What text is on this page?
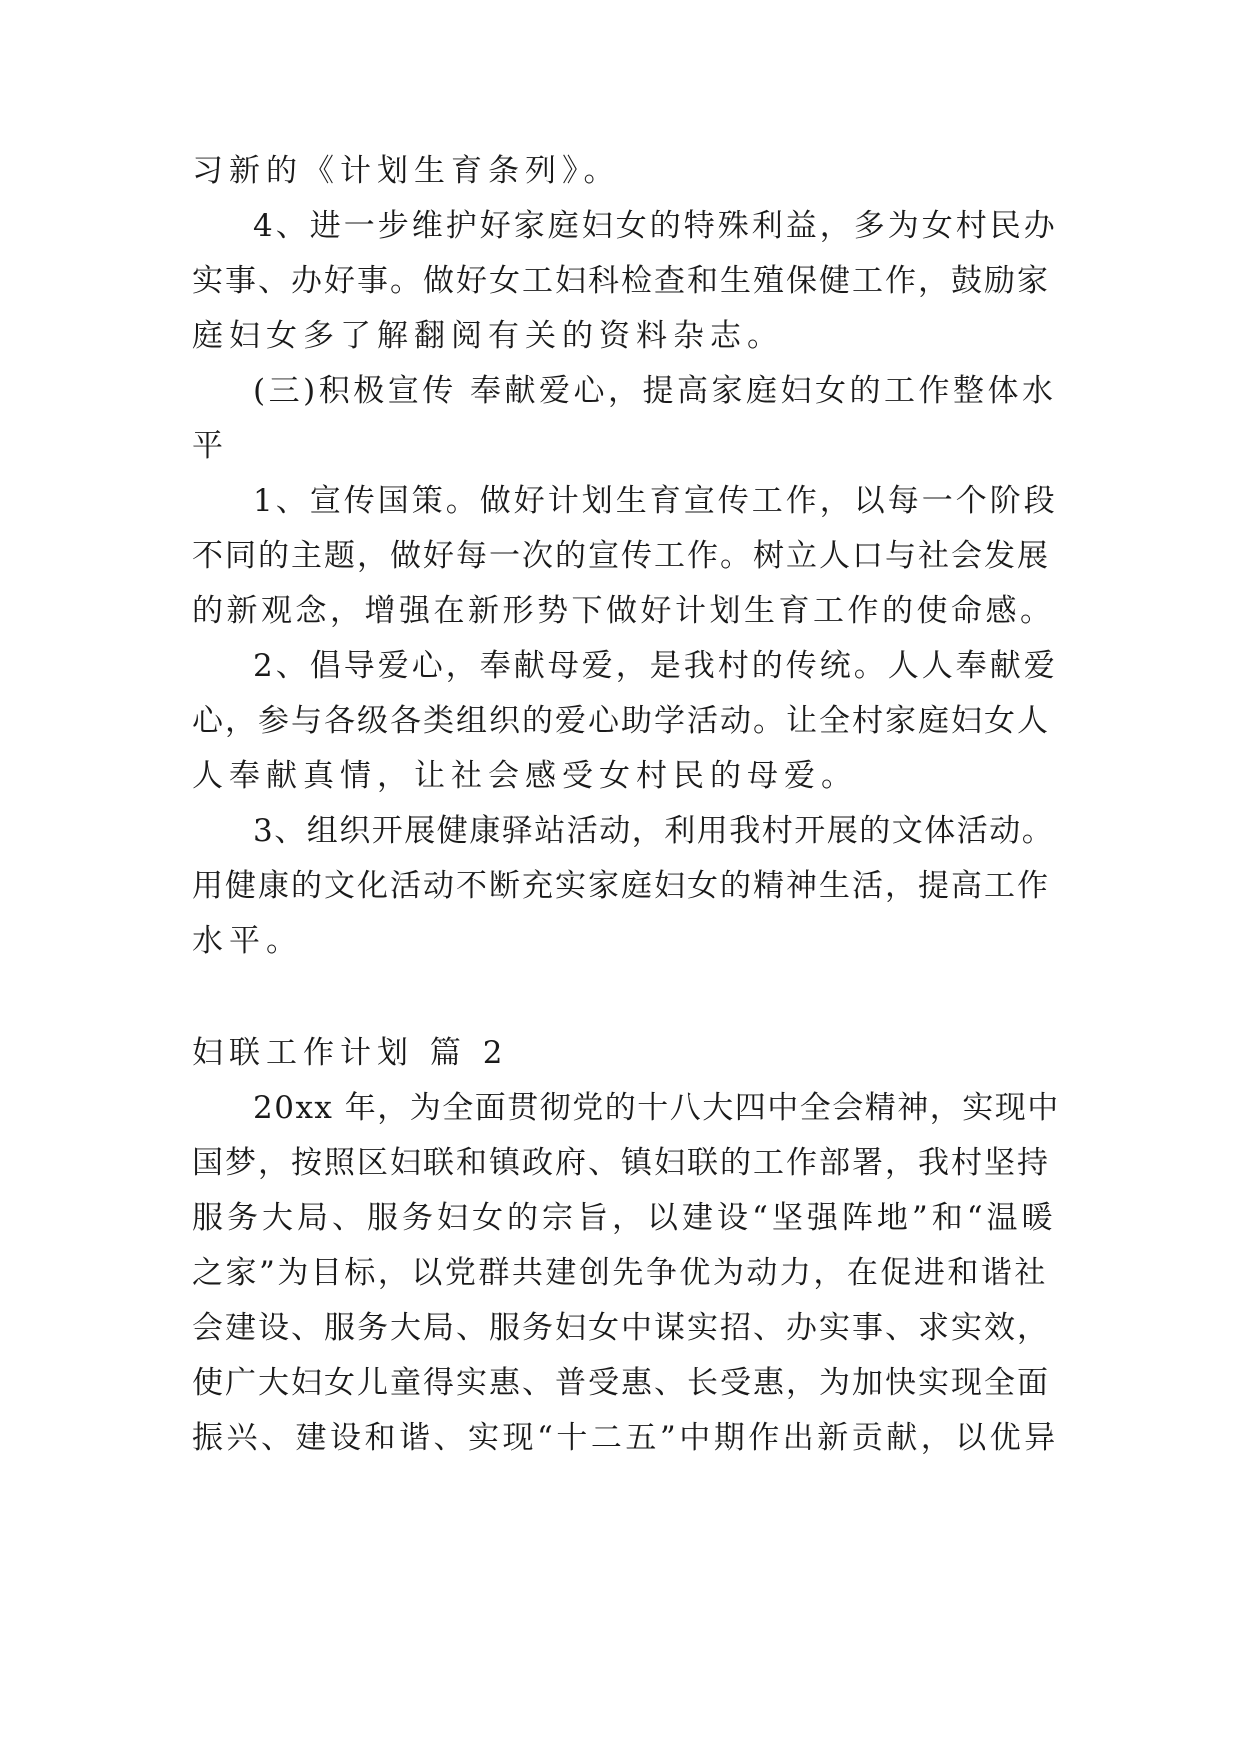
习新的《计划生育条列》。
4、进一步维护好家庭妇女的特殊利益，多为女村民办
实事、办好事。做好女工妇科检查和生殖保健工作，鼓励家
庭妇女多了解翻阅有关的资料杂志。
(三)积极宣传 奉献爱心，提高家庭妇女的工作整体水
平
1、宣传国策。做好计划生育宣传工作，以每一个阶段
不同的主题，做好每一次的宣传工作。树立人口与社会发展
的新观念，增强在新形势下做好计划生育工作的使命感。
2、倡导爱心，奉献母爱，是我村的传统。人人奉献爱
心，参与各级各类组织的爱心助学活动。让全村家庭妇女人
人奉献真情，让社会感受女村民的母爱。
3、组织开展健康驿站活动，利用我村开展的文体活动。
用健康的文化活动不断充实家庭妇女的精神生活，提高工作
水平。
妇联工作计划 篇 2
20xx 年，为全面贯彻党的十八大四中全会精神，实现中
国梦，按照区妇联和镇政府、镇妇联的工作部署，我村坚持
服务大局、服务妇女的宗旨，以建设“坚强阵地”和“温暖
之家”为目标，以党群共建创先争优为动力，在促进和谐社
会建设、服务大局、服务妇女中谋实招、办实事、求实效，
使广大妇女儿童得实惠、普受惠、长受惠，为加快实现全面
振兴、建设和谐、实现“十二五”中期作出新贡献，以优异
